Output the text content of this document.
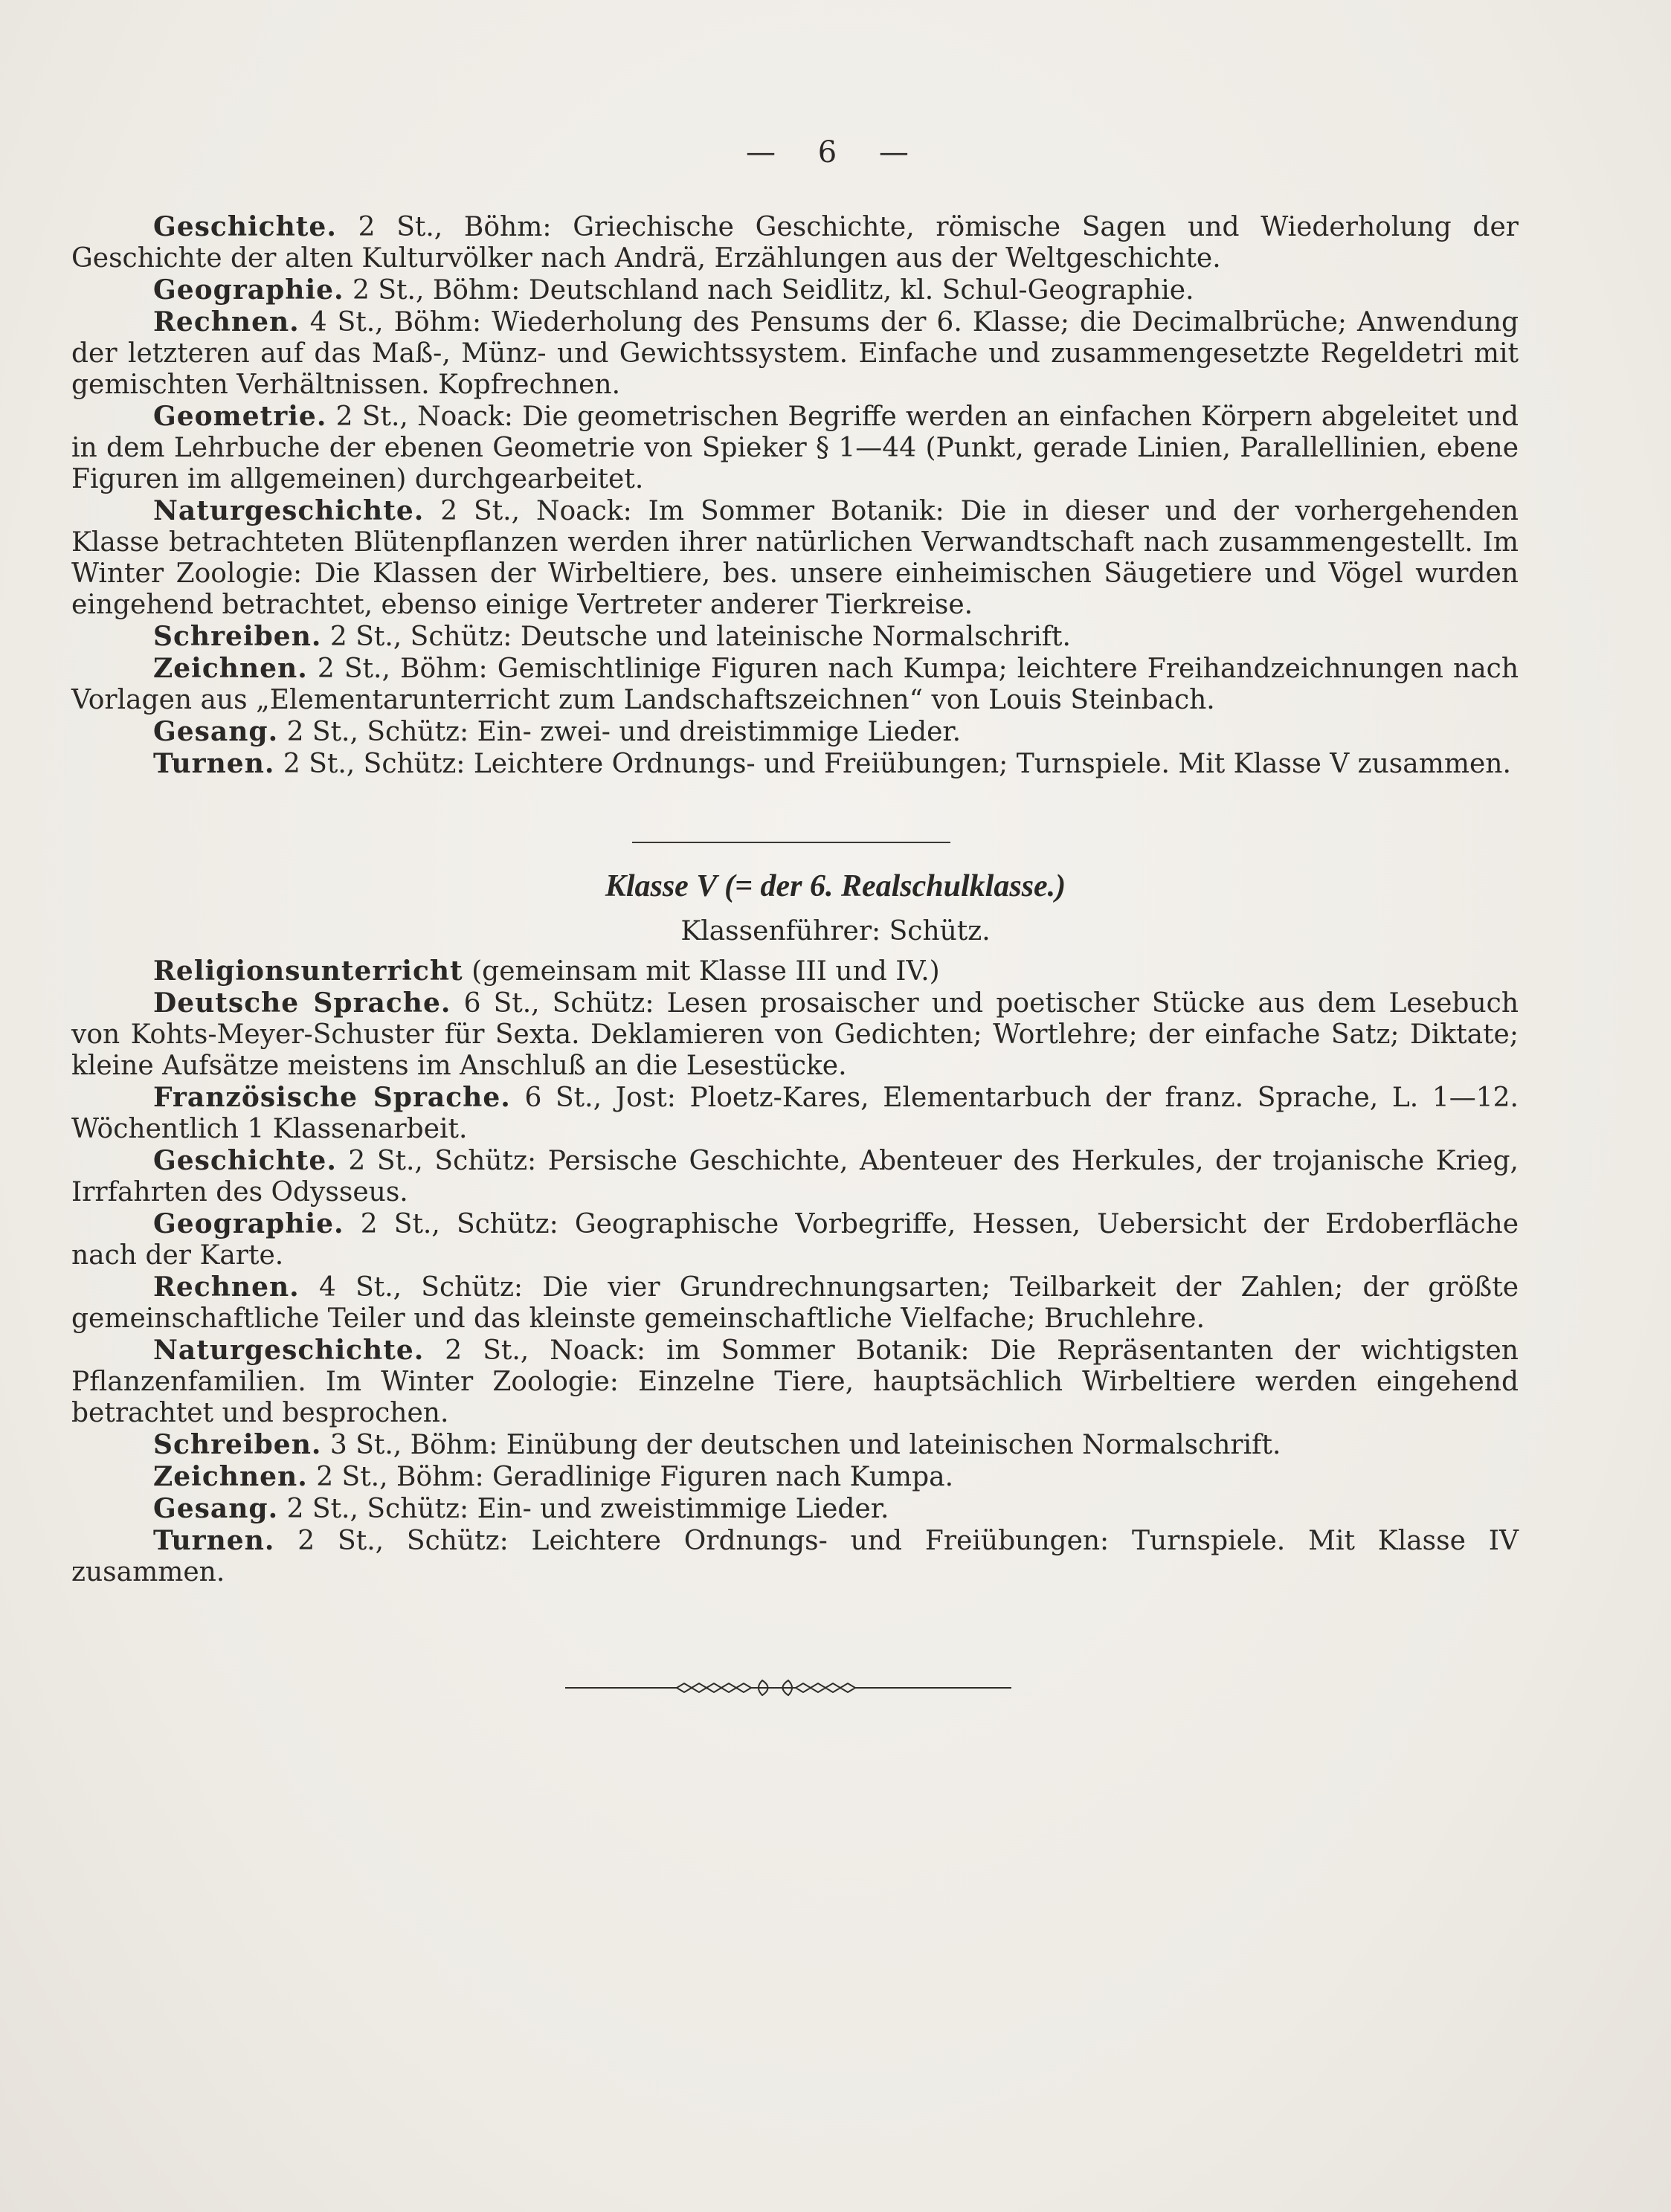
— 6 —

Geschichte. 2 St., Böhm: Griechische Geschichte, römische Sagen und Wiederholung der Geschichte der alten Kulturvölker nach Andrä, Erzählungen aus der Weltgeschichte.

Geographie. 2 St., Böhm: Deutschland nach Seidlitz, kl. Schul-Geographie.

Rechnen. 4 St., Böhm: Wiederholung des Pensums der 6. Klasse; die Decimalbrüche; Anwendung der letzteren auf das Maß-, Münz- und Gewichtssystem. Einfache und zusammengesetzte Regeldetri mit gemischten Verhältnissen. Kopfrechnen.

Geometrie. 2 St., Noack: Die geometrischen Begriffe werden an einfachen Körpern abgeleitet und in dem Lehrbuche der ebenen Geometrie von Spieker § 1—44 (Punkt, gerade Linien, Parallellinien, ebene Figuren im allgemeinen) durchgearbeitet.

Naturgeschichte. 2 St., Noack: Im Sommer Botanik: Die in dieser und der vorhergehenden Klasse betrachteten Blütenpflanzen werden ihrer natürlichen Verwandtschaft nach zusammengestellt. Im Winter Zoologie: Die Klassen der Wirbeltiere, bes. unsere einheimischen Säugetiere und Vögel wurden eingehend betrachtet, ebenso einige Vertreter anderer Tierkreise.

Schreiben. 2 St., Schütz: Deutsche und lateinische Normalschrift.

Zeichnen. 2 St., Böhm: Gemischtlinige Figuren nach Kumpa; leichtere Freihandzeichnungen nach Vorlagen aus „Elementarunterricht zum Landschaftszeichnen“ von Louis Steinbach.

Gesang. 2 St., Schütz: Ein- zwei- und dreistimmige Lieder.

Turnen. 2 St., Schütz: Leichtere Ordnungs- und Freiübungen; Turnspiele. Mit Klasse V zusammen.

Klasse V (= der 6. Realschulklasse.)
Klassenführer: Schütz.

Religionsunterricht (gemeinsam mit Klasse III und IV.)

Deutsche Sprache. 6 St., Schütz: Lesen prosaischer und poetischer Stücke aus dem Lesebuch von Kohts-Meyer-Schuster für Sexta. Deklamieren von Gedichten; Wortlehre; der einfache Satz; Diktate; kleine Aufsätze meistens im Anschluß an die Lesestücke.

Französische Sprache. 6 St., Jost: Ploetz-Kares, Elementarbuch der franz. Sprache, L. 1—12. Wöchentlich 1 Klassenarbeit.

Geschichte. 2 St., Schütz: Persische Geschichte, Abenteuer des Herkules, der trojanische Krieg, Irrfahrten des Odysseus.

Geographie. 2 St., Schütz: Geographische Vorbegriffe, Hessen, Uebersicht der Erdoberfläche nach der Karte.

Rechnen. 4 St., Schütz: Die vier Grundrechnungsarten; Teilbarkeit der Zahlen; der größte gemeinschaftliche Teiler und das kleinste gemeinschaftliche Vielfache; Bruchlehre.

Naturgeschichte. 2 St., Noack: im Sommer Botanik: Die Repräsentanten der wichtigsten Pflanzenfamilien. Im Winter Zoologie: Einzelne Tiere, hauptsächlich Wirbeltiere werden eingehend betrachtet und besprochen.

Schreiben. 3 St., Böhm: Einübung der deutschen und lateinischen Normalschrift.

Zeichnen. 2 St., Böhm: Geradlinige Figuren nach Kumpa.

Gesang. 2 St., Schütz: Ein- und zweistimmige Lieder.

Turnen. 2 St., Schütz: Leichtere Ordnungs- und Freiübungen: Turnspiele. Mit Klasse IV zusammen.
